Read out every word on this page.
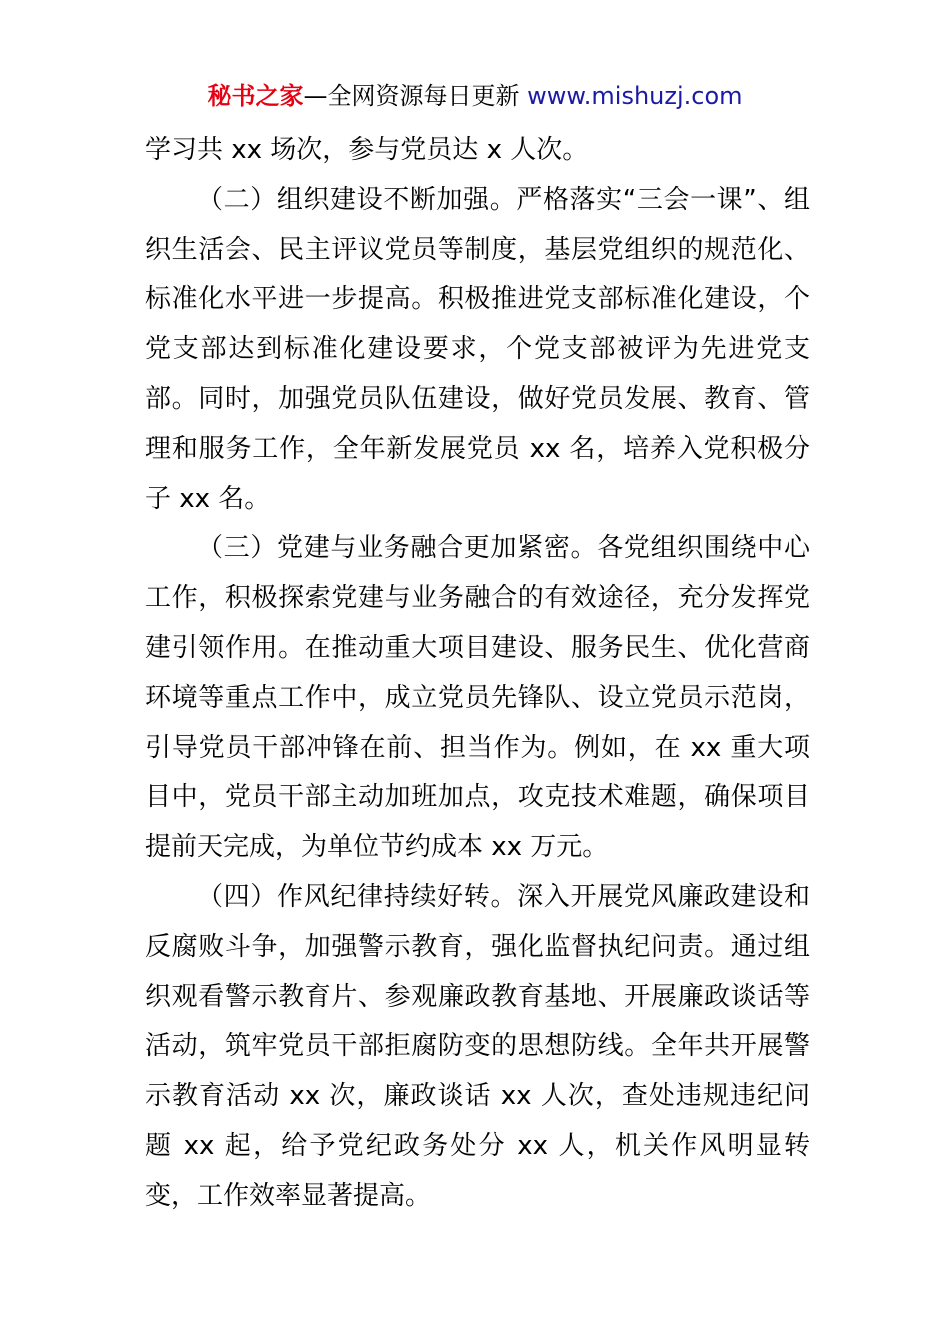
秘书之家—全网资源每日更新 www.mishuzj.com

学习共 xx 场次，参与党员达 x 人次。

（二）组织建设不断加强。严格落实“三会一课”、组织生活会、民主评议党员等制度，基层党组织的规范化、标准化水平进一步提高。积极推进党支部标准化建设，个党支部达到标准化建设要求，个党支部被评为先进党支部。同时，加强党员队伍建设，做好党员发展、教育、管理和服务工作，全年新发展党员 xx 名，培养入党积极分子 xx 名。

（三）党建与业务融合更加紧密。各党组织围绕中心工作，积极探索党建与业务融合的有效途径，充分发挥党建引领作用。在推动重大项目建设、服务民生、优化营商环境等重点工作中，成立党员先锋队、设立党员示范岗，引导党员干部冲锋在前、担当作为。例如，在 xx 重大项目中，党员干部主动加班加点，攻克技术难题，确保项目提前天完成，为单位节约成本 xx 万元。

（四）作风纪律持续好转。深入开展党风廉政建设和反腐败斗争，加强警示教育，强化监督执纪问责。通过组织观看警示教育片、参观廉政教育基地、开展廉政谈话等活动，筑牢党员干部拒腐防变的思想防线。全年共开展警示教育活动 xx 次，廉政谈话 xx 人次，查处违规违纪问题 xx 起，给予党纪政务处分 xx 人，机关作风明显转变，工作效率显著提高。
